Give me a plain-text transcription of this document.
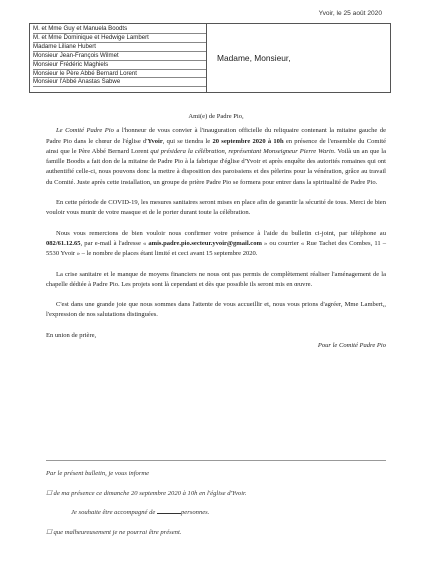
Yvoir, le 25 août 2020
M. et Mme Guy et Manuela Boodts
M. et Mme Dominique et Hedwige Lambert
Madame Liliane Hubert
Monsieur Jean-François Wilmet
Monsieur Frédéric Maghiels
Monsieur le Père Abbé Bernard Lorent
Monsieur l'Abbé Anastas Sabwe
Madame, Monsieur,
Ami(e) de Padre Pio,

Le Comité Padre Pio a l'honneur de vous convier à l'inauguration officielle du reliquaire contenant la mitaine gauche de Padre Pio dans le chœur de l'église d'Yvoir, qui se tiendra le 20 septembre 2020 à 10h en présence de l'ensemble du Comité ainsi que le Père Abbé Bernard Lorent qui présidera la célébration, représentant Monseigneur Pierre Warin. Voilà un an que la famille Boodts a fait don de la mitaine de Padre Pio à la fabrique d'église d'Yvoir et après enquête des autorités romaines qui ont authentifié celle-ci, nous pouvons donc la mettre à disposition des paroissiens et des pèlerins pour la vénération, grâce au travail du Comité. Juste après cette installation, un groupe de prière Padre Pio se formera pour entrer dans la spiritualité de Padre Pio.

En cette période de COVID-19, les mesures sanitaires seront mises en place afin de garantir la sécurité de tous. Merci de bien vouloir vous munir de votre masque et de le porter durant toute la célébration.

Nous vous remercions de bien vouloir nous confirmer votre présence à l'aide du bulletin ci-joint, par téléphone au 082/61.12.65, par e-mail à l'adresse « amis.padre.pio.secteur.yvoir@gmail.com » ou courrier « Rue Tachet des Combes, 11 – 5530 Yvoir » – le nombre de places étant limité et ceci avant 15 septembre 2020.

La crise sanitaire et le manque de moyens financiers ne nous ont pas permis de complètement réaliser l'aménagement de la chapelle dédiée à Padre Pio. Les projets sont là cependant et dès que possible ils seront mis en œuvre.

C'est dans une grande joie que nous sommes dans l'attente de vous accueillir et, nous vous prions d'agréer, Mme Lambert,, l'expression de nos salutations distinguées.

En union de prière,

Pour le Comité Padre Pio

Par le présent bulletin, je vous informe
☐ de ma présence ce dimanche 20 septembre 2020 à 10h en l'église d'Yvoir.
Je souhaite être accompagné de	personnes.
☐ que malheureusement je ne pourrai être présent.
